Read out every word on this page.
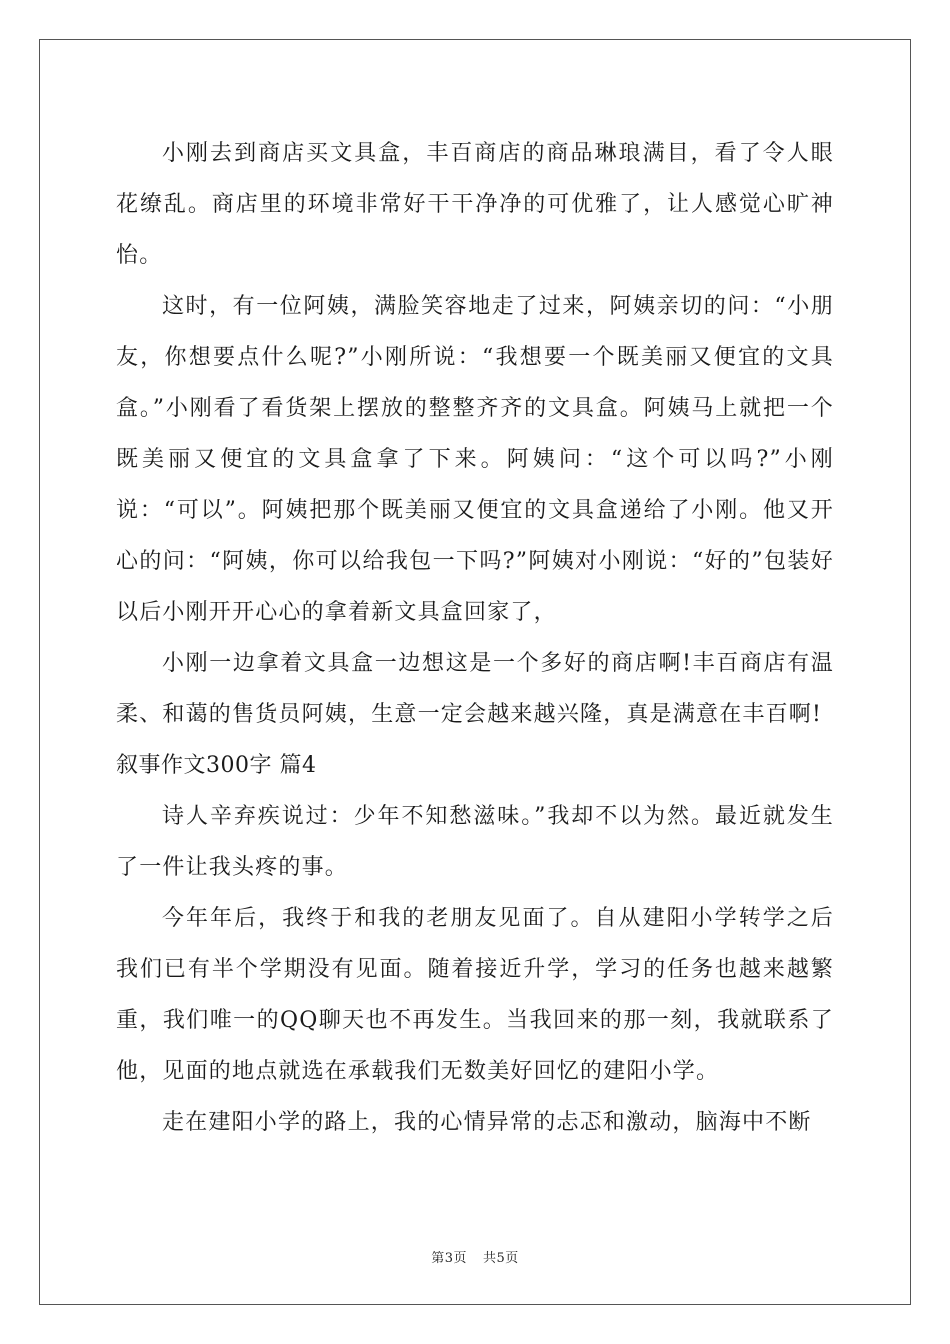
小刚去到商店买文具盒，丰百商店的商品琳琅满目，看了令人眼花缭乱。商店里的环境非常好干干净净的可优雅了，让人感觉心旷神怡。

这时，有一位阿姨，满脸笑容地走了过来，阿姨亲切的问：“小朋友，你想要点什么呢?”小刚所说：“我想要一个既美丽又便宜的文具盒。”小刚看了看货架上摆放的整整齐齐的文具盒。阿姨马上就把一个既美丽又便宜的文具盒拿了下来。阿姨问：“这个可以吗?”小刚说：“可以”。阿姨把那个既美丽又便宜的文具盒递给了小刚。他又开心的问：“阿姨，你可以给我包一下吗?”阿姨对小刚说：“好的”包装好以后小刚开开心心的拿着新文具盒回家了，

小刚一边拿着文具盒一边想这是一个多好的商店啊!丰百商店有温柔、和蔼的售货员阿姨，生意一定会越来越兴隆，真是满意在丰百啊!

叙事作文300字 篇4

诗人辛弃疾说过：少年不知愁滋味。”我却不以为然。最近就发生了一件让我头疼的事。

今年年后，我终于和我的老朋友见面了。自从建阳小学转学之后我们已有半个学期没有见面。随着接近升学，学习的任务也越来越繁重，我们唯一的QQ聊天也不再发生。当我回来的那一刻，我就联系了他，见面的地点就选在承载我们无数美好回忆的建阳小学。

走在建阳小学的路上，我的心情异常的忐忑和激动，脑海中不断

第3页 共5页
